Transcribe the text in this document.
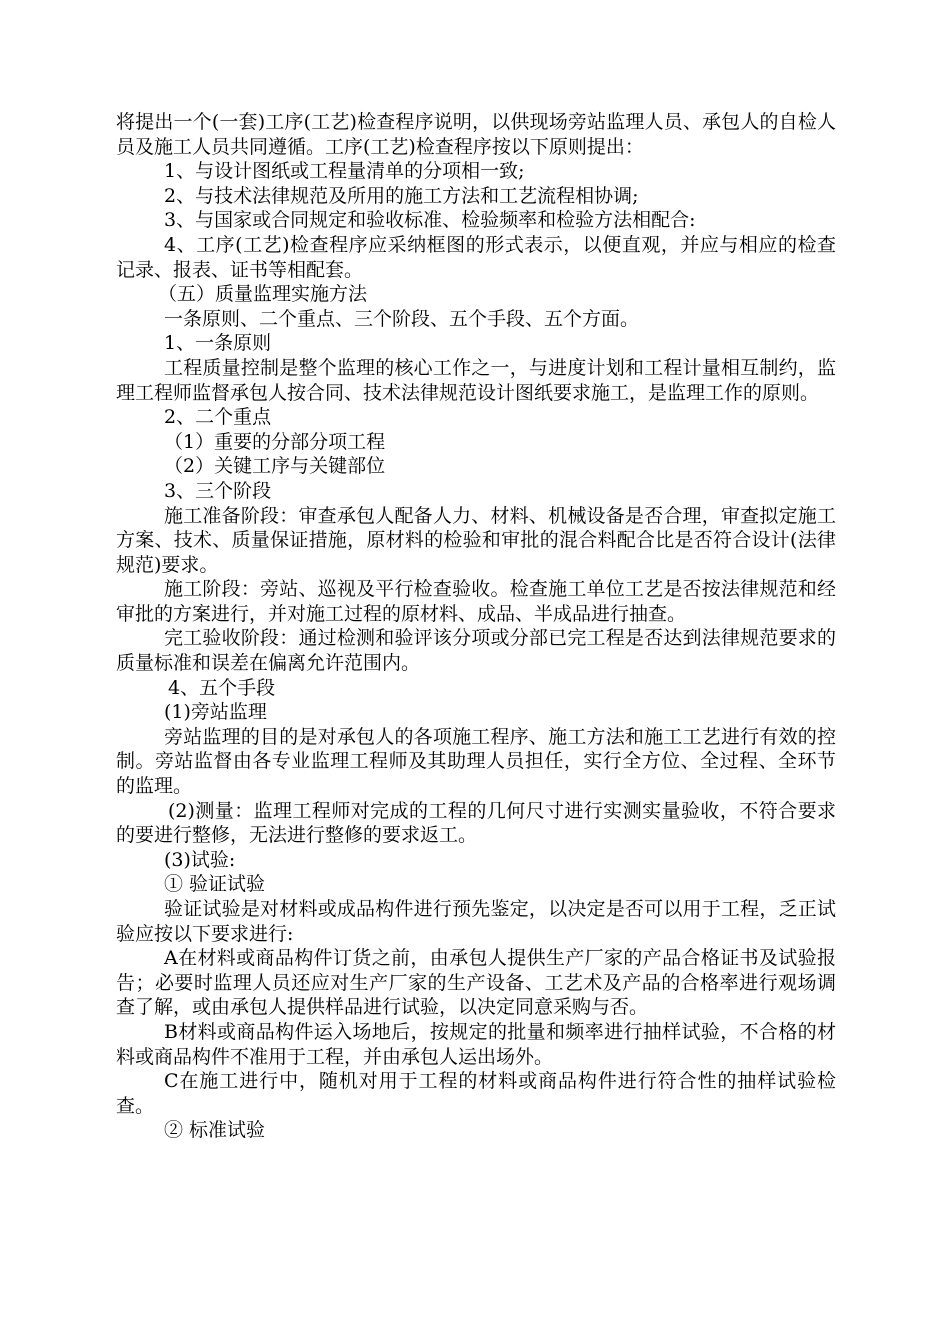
将提出一个(一套)工序(工艺)检查程序说明，以供现场旁站监理人员、承包人的自检人员及施工人员共同遵循。工序(工艺)检查程序按以下原则提出：

1、与设计图纸或工程量清单的分项相一致;

2、与技术法律规范及所用的施工方法和工艺流程相协调;

3、与国家或合同规定和验收标准、检验频率和检验方法相配合:

4、工序(工艺)检查程序应采纳框图的形式表示，以便直观，并应与相应的检查记录、报表、证书等相配套。

（五）质量监理实施方法

一条原则、二个重点、三个阶段、五个手段、五个方面。

1、一条原则

工程质量控制是整个监理的核心工作之一，与进度计划和工程计量相互制约，监理工程师监督承包人按合同、技术法律规范设计图纸要求施工，是监理工作的原则。

2、二个重点

（1）重要的分部分项工程

（2）关键工序与关键部位

3、三个阶段

施工准备阶段：审查承包人配备人力、材料、机械设备是否合理，审查拟定施工方案、技术、质量保证措施，原材料的检验和审批的混合料配合比是否符合设计(法律规范)要求。

施工阶段：旁站、巡视及平行检查验收。检查施工单位工艺是否按法律规范和经审批的方案进行，并对施工过程的原材料、成品、半成品进行抽查。

完工验收阶段：通过检测和验评该分项或分部已完工程是否达到法律规范要求的质量标准和误差在偏离允许范围内。

4、五个手段

(1)旁站监理

旁站监理的目的是对承包人的各项施工程序、施工方法和施工工艺进行有效的控制。旁站监督由各专业监理工程师及其助理人员担任，实行全方位、全过程、全环节的监理。

(2)测量：监理工程师对完成的工程的几何尺寸进行实测实量验收，不符合要求的要进行整修，无法进行整修的要求返工。

(3)试验:

① 验证试验

验证试验是对材料或成品构件进行预先鉴定，以决定是否可以用于工程，乏正试验应按以下要求进行:

A在材料或商品构件订货之前，由承包人提供生产厂家的产品合格证书及试验报告；必要时监理人员还应对生产厂家的生产设备、工艺术及产品的合格率进行观场调查了解，或由承包人提供样品进行试验，以决定同意采购与否。

B材料或商品构件运入场地后，按规定的批量和频率进行抽样试验，不合格的材料或商品构件不准用于工程，并由承包人运出场外。

C在施工进行中，随机对用于工程的材料或商品构件进行符合性的抽样试验检查。

② 标准试验
